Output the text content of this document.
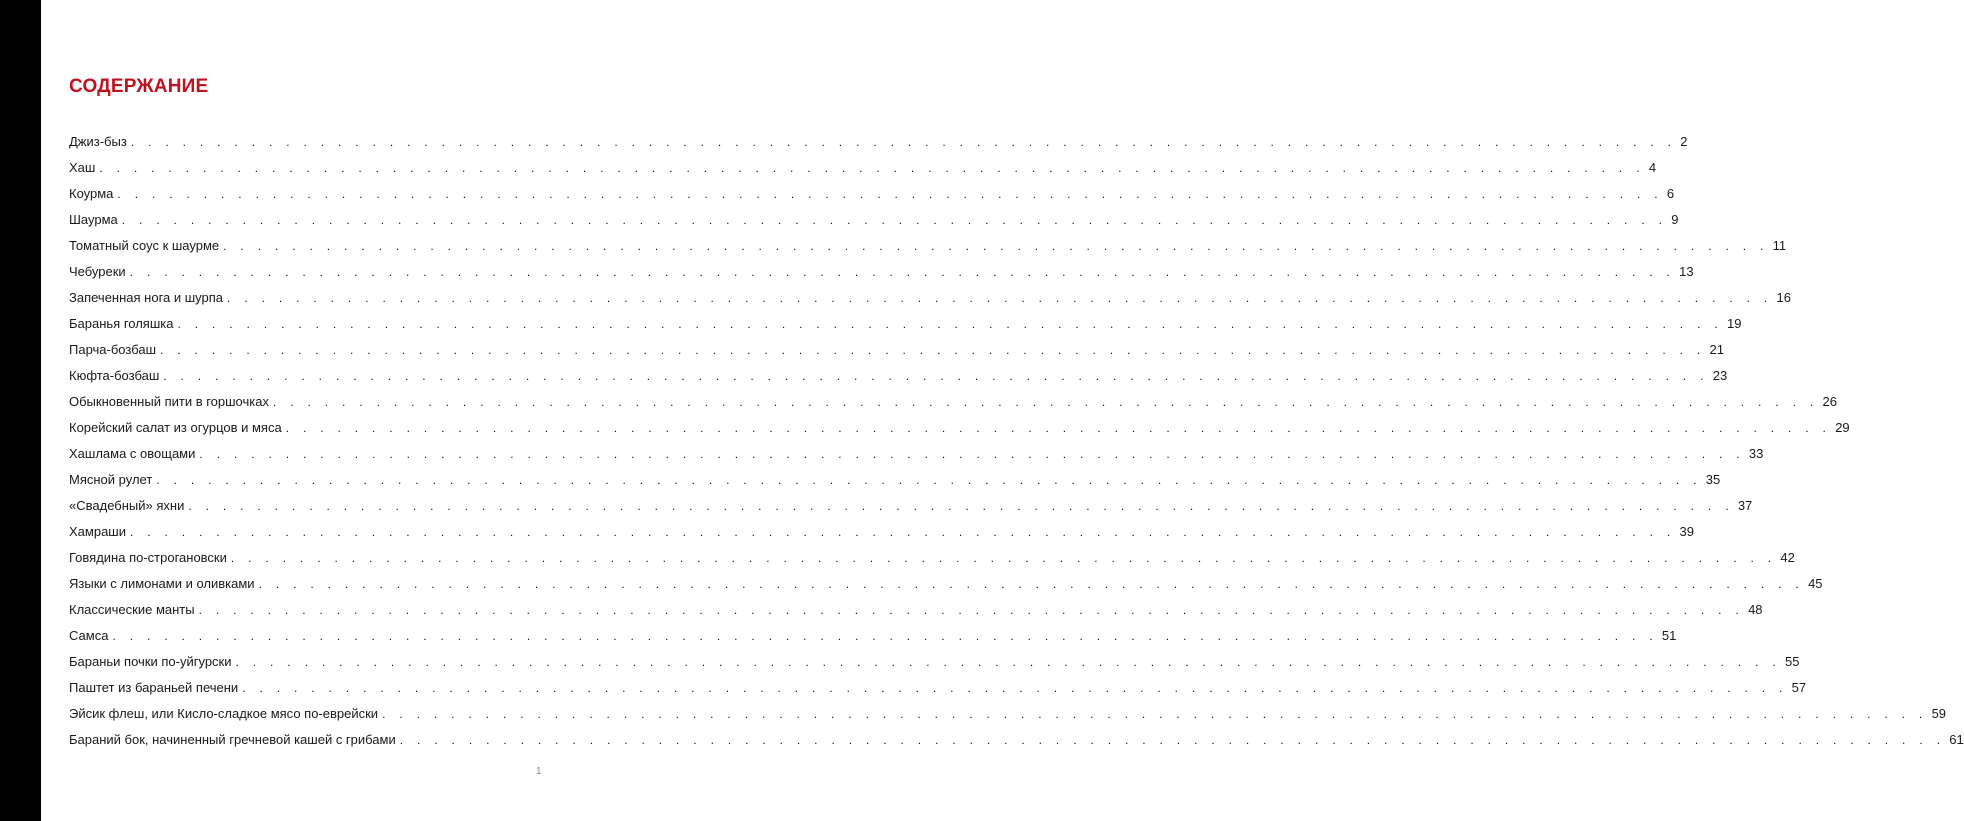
СОДЕРЖАНИЕ
Джиз-быз . . . . . . . . . . . . . . . . . . . . . . . . . . . . . . . . . . . . . . . . . . . . . . . . . . . . . . . . . . . . . . . . . . . . . . . . . . . . . . . . . . . . . . . . . . 2
Хаш . . . . . . . . . . . . . . . . . . . . . . . . . . . . . . . . . . . . . . . . . . . . . . . . . . . . . . . . . . . . . . . . . . . . . . . . . . . . . . . . . . . . . . . . . . 4
Коурма . . . . . . . . . . . . . . . . . . . . . . . . . . . . . . . . . . . . . . . . . . . . . . . . . . . . . . . . . . . . . . . . . . . . . . . . . . . . . . . . . . . . . . . . . . 6
Шаурма . . . . . . . . . . . . . . . . . . . . . . . . . . . . . . . . . . . . . . . . . . . . . . . . . . . . . . . . . . . . . . . . . . . . . . . . . . . . . . . . . . . . . . . . . . 9
Томатный соус к шаурме . . . . . . . . . . . . . . . . . . . . . . . . . . . . . . . . . . . . . . . . . . . . . . . . . . . . . . . . . . . . . . . . . . . . . . . . . . . . . . . . . . . . . . . . . . 11
Чебуреки . . . . . . . . . . . . . . . . . . . . . . . . . . . . . . . . . . . . . . . . . . . . . . . . . . . . . . . . . . . . . . . . . . . . . . . . . . . . . . . . . . . . . . . . . . 13
Запеченная нога и шурпа . . . . . . . . . . . . . . . . . . . . . . . . . . . . . . . . . . . . . . . . . . . . . . . . . . . . . . . . . . . . . . . . . . . . . . . . . . . . . . . . . . . . . . . . . . 16
Баранья голяшка . . . . . . . . . . . . . . . . . . . . . . . . . . . . . . . . . . . . . . . . . . . . . . . . . . . . . . . . . . . . . . . . . . . . . . . . . . . . . . . . . . . . . . . . . . 19
Парча-бозбаш . . . . . . . . . . . . . . . . . . . . . . . . . . . . . . . . . . . . . . . . . . . . . . . . . . . . . . . . . . . . . . . . . . . . . . . . . . . . . . . . . . . . . . . . . . 21
Кюфта-бозбаш . . . . . . . . . . . . . . . . . . . . . . . . . . . . . . . . . . . . . . . . . . . . . . . . . . . . . . . . . . . . . . . . . . . . . . . . . . . . . . . . . . . . . . . . . . 23
Обыкновенный пити в горшочках . . . . . . . . . . . . . . . . . . . . . . . . . . . . . . . . . . . . . . . . . . . . . . . . . . . . . . . . . . . . . . . . . . . . . . . . . . . . . . . . . . . . . . . . . . 26
Корейский салат из огурцов и мяса . . . . . . . . . . . . . . . . . . . . . . . . . . . . . . . . . . . . . . . . . . . . . . . . . . . . . . . . . . . . . . . . . . . . . . . . . . . . . . . . . . . . . . . . . . 29
Хашлама с овощами . . . . . . . . . . . . . . . . . . . . . . . . . . . . . . . . . . . . . . . . . . . . . . . . . . . . . . . . . . . . . . . . . . . . . . . . . . . . . . . . . . . . . . . . . . 33
Мясной рулет . . . . . . . . . . . . . . . . . . . . . . . . . . . . . . . . . . . . . . . . . . . . . . . . . . . . . . . . . . . . . . . . . . . . . . . . . . . . . . . . . . . . . . . . . . 35
«Свадебный» яхни . . . . . . . . . . . . . . . . . . . . . . . . . . . . . . . . . . . . . . . . . . . . . . . . . . . . . . . . . . . . . . . . . . . . . . . . . . . . . . . . . . . . . . . . . . 37
Хамраши . . . . . . . . . . . . . . . . . . . . . . . . . . . . . . . . . . . . . . . . . . . . . . . . . . . . . . . . . . . . . . . . . . . . . . . . . . . . . . . . . . . . . . . . . . 39
Говядина по-строгановски . . . . . . . . . . . . . . . . . . . . . . . . . . . . . . . . . . . . . . . . . . . . . . . . . . . . . . . . . . . . . . . . . . . . . . . . . . . . . . . . . . . . . . . . . . 42
Языки с лимонами и оливками . . . . . . . . . . . . . . . . . . . . . . . . . . . . . . . . . . . . . . . . . . . . . . . . . . . . . . . . . . . . . . . . . . . . . . . . . . . . . . . . . . . . . . . . . . 45
Классические манты . . . . . . . . . . . . . . . . . . . . . . . . . . . . . . . . . . . . . . . . . . . . . . . . . . . . . . . . . . . . . . . . . . . . . . . . . . . . . . . . . . . . . . . . . . 48
Самса . . . . . . . . . . . . . . . . . . . . . . . . . . . . . . . . . . . . . . . . . . . . . . . . . . . . . . . . . . . . . . . . . . . . . . . . . . . . . . . . . . . . . . . . . . 51
Бараньи почки по-уйгурски . . . . . . . . . . . . . . . . . . . . . . . . . . . . . . . . . . . . . . . . . . . . . . . . . . . . . . . . . . . . . . . . . . . . . . . . . . . . . . . . . . . . . . . . . . 55
Паштет из бараньей печени . . . . . . . . . . . . . . . . . . . . . . . . . . . . . . . . . . . . . . . . . . . . . . . . . . . . . . . . . . . . . . . . . . . . . . . . . . . . . . . . . . . . . . . . . . 57
Эйсик флеш, или Кисло-сладкое мясо по-еврейски . . . . . . . . . . . . . . . . . . . . . . . . . . . . . . . . . . . . . . . . . . . . . . . . . . . . . . . . . . . . . . . . . . . . . . . . . . . . . . . . . . . . . . . . . . 59
Бараний бок, начиненный гречневой кашей с грибами . . . . . . . . . . . . . . . . . . . . . . . . . . . . . . . . . . . . . . . . . . . . . . . . . . . . . . . . . . . . . . . . . . . . . . . . . . . . . . . . . . . . . . . . . . 61
1
